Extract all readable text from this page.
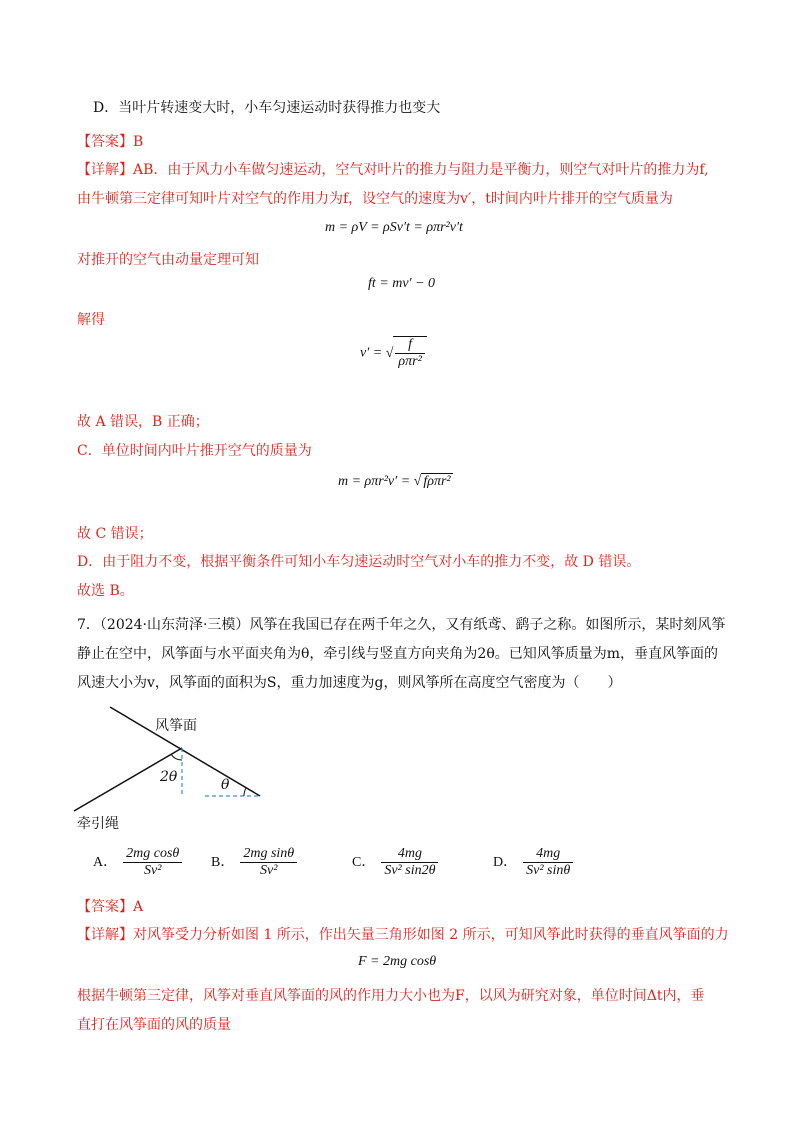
D．当叶片转速变大时，小车匀速运动时获得推力也变大
【答案】B
【详解】AB．由于风力小车做匀速运动，空气对叶片的推力与阻力是平衡力，则空气对叶片的推力为f,
由牛顿第三定律可知叶片对空气的作用力为f，设空气的速度为v′，t时间内叶片排开的空气质量为
m = ρV = ρSv′t = ρπr²v′t
对推开的空气由动量定理可知
ft = mv′ − 0
解得
v′ = √ $\frac{f}{\text{ρπr²}}$
故 A 错误，B 正确；
C．单位时间内叶片推开空气的质量为
m = ρπr²v′ = √ fρπr²
故 C 错误；
D．由于阻力不变，根据平衡条件可知小车匀速运动时空气对小车的推力不变，故 D 错误。
故选 B。
7．（2024·山东菏泽·三模）风筝在我国已存在两千年之久，又有纸鸢、鹞子之称。如图所示，某时刻风筝
静止在空中，风筝面与水平面夹角为θ，牵引线与竖直方向夹角为2θ。已知风筝质量为m，垂直风筝面的
风速大小为v，风筝面的面积为S，重力加速度为g，则风筝所在高度空气密度为（　　）
风筝面
2θ	θ
牵引绳
A． $\frac{\text{2mg cosθ}}{\text{Sv²}}$ B． $\frac{\text{2mg sinθ}}{\text{Sv²}}$	C． $\frac{4mg}{\text{Sv² sin2θ}}$	D． $\frac{4mg}{\text{Sv² sinθ}}$
【答案】A
【详解】对风筝受力分析如图 1 所示，作出矢量三角形如图 2 所示，可知风筝此时获得的垂直风筝面的力
F = 2mg cosθ
根据牛顿第三定律，风筝对垂直风筝面的风的作用力大小也为F，以风为研究对象，单位时间Δt内，垂
直打在风筝面的风的质量
